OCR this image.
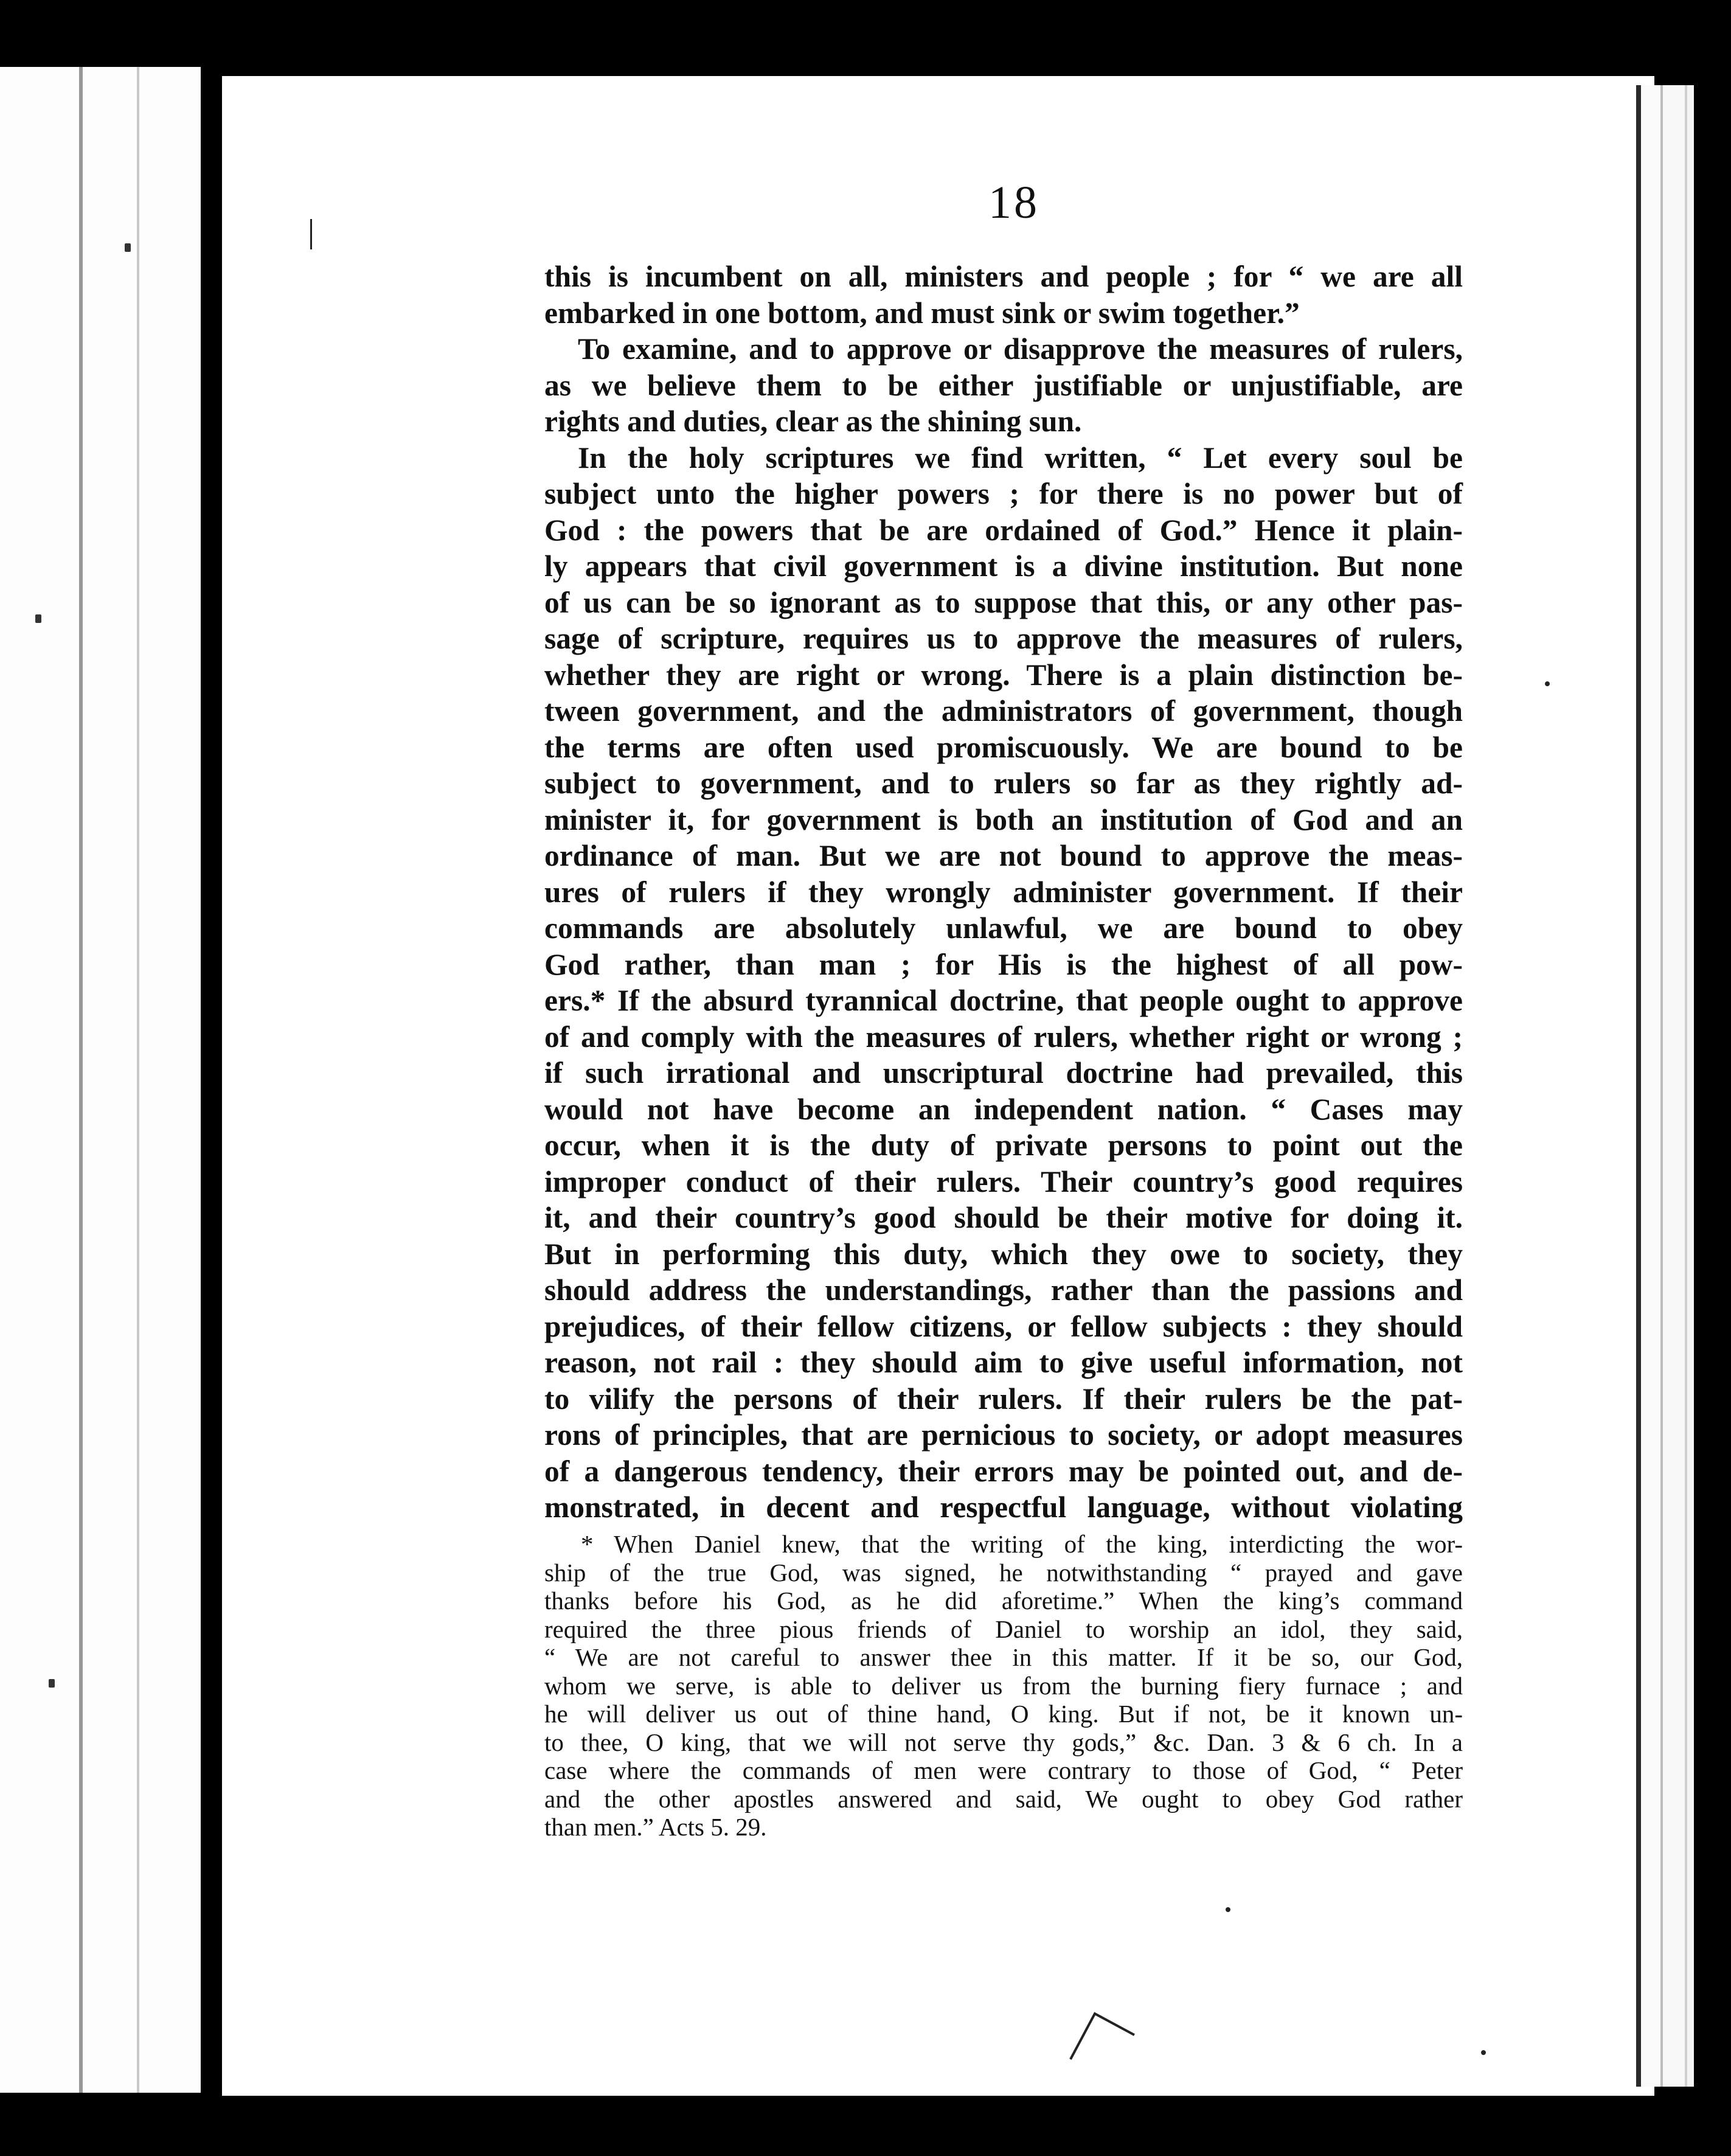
18
this is incumbent on all, ministers and people ; for “ we are all
embarked in one bottom, and must sink or swim together.”
To examine, and to approve or disapprove the measures of rulers,
as we believe them to be either justifiable or unjustifiable, are
rights and duties, clear as the shining sun.
In the holy scriptures we find written, “ Let every soul be
subject unto the higher powers ; for there is no power but of
God : the powers that be are ordained of God.” Hence it plain-
ly appears that civil government is a divine institution. But none
of us can be so ignorant as to suppose that this, or any other pas-
sage of scripture, requires us to approve the measures of rulers,
whether they are right or wrong. There is a plain distinction be-
tween government, and the administrators of government, though
the terms are often used promiscuously. We are bound to be
subject to government, and to rulers so far as they rightly ad-
minister it, for government is both an institution of God and an
ordinance of man. But we are not bound to approve the meas-
ures of rulers if they wrongly administer government. If their
commands are absolutely unlawful, we are bound to obey
God rather, than man ; for His is the highest of all pow-
ers.* If the absurd tyrannical doctrine, that people ought to approve
of and comply with the measures of rulers, whether right or wrong ;
if such irrational and unscriptural doctrine had prevailed, this
would not have become an independent nation. “ Cases may
occur, when it is the duty of private persons to point out the
improper conduct of their rulers. Their country’s good requires
it, and their country’s good should be their motive for doing it.
But in performing this duty, which they owe to society, they
should address the understandings, rather than the passions and
prejudices, of their fellow citizens, or fellow subjects : they should
reason, not rail : they should aim to give useful information, not
to vilify the persons of their rulers. If their rulers be the pat-
rons of principles, that are pernicious to society, or adopt measures
of a dangerous tendency, their errors may be pointed out, and de-
monstrated, in decent and respectful language, without violating
* When Daniel knew, that the writing of the king, interdicting the wor-
ship of the true God, was signed, he notwithstanding “ prayed and gave
thanks before his God, as he did aforetime.” When the king’s command
required the three pious friends of Daniel to worship an idol, they said,
“ We are not careful to answer thee in this matter. If it be so, our God,
whom we serve, is able to deliver us from the burning fiery furnace ; and
he will deliver us out of thine hand, O king. But if not, be it known un-
to thee, O king, that we will not serve thy gods,” &c. Dan. 3 & 6 ch. In a
case where the commands of men were contrary to those of God, “ Peter
and the other apostles answered and said, We ought to obey God rather
than men.” Acts 5. 29.
